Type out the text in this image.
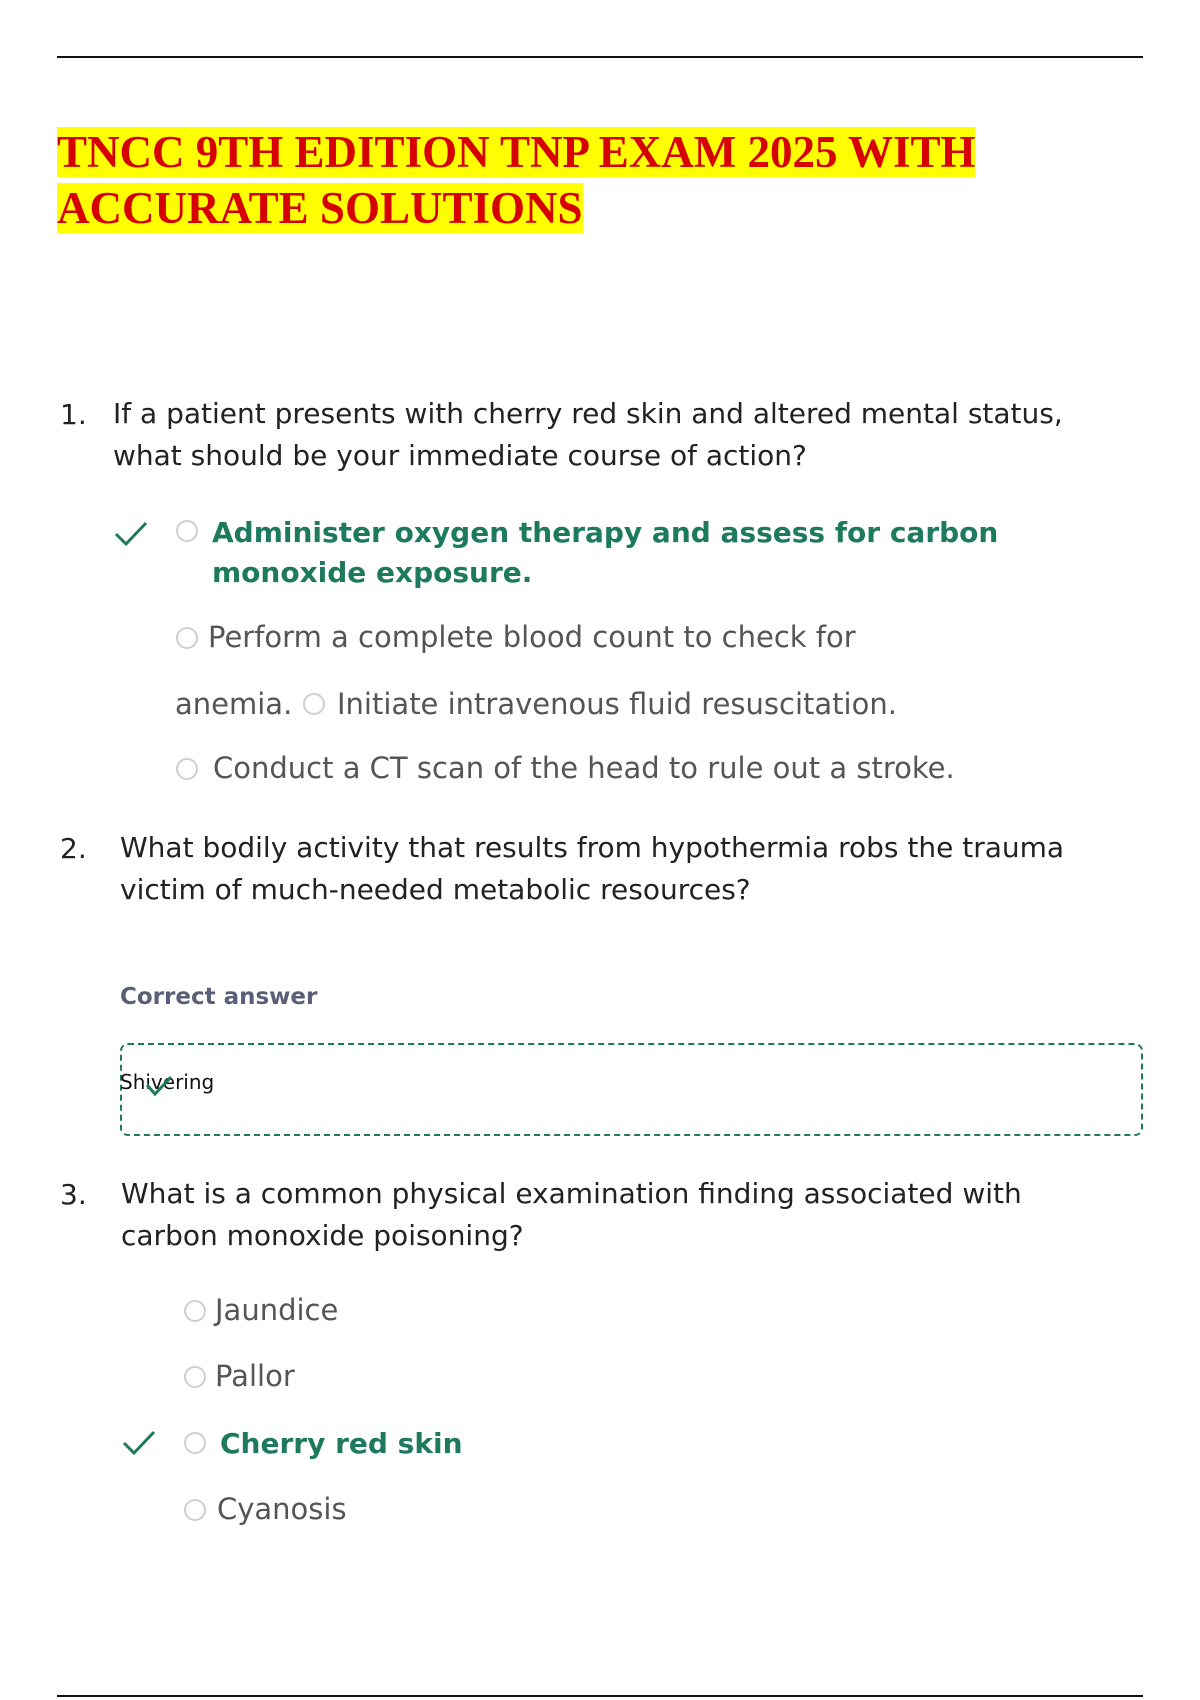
TNCC 9TH EDITION TNP EXAM 2025 WITH
ACCURATE SOLUTIONS
1. If a patient presents with cherry red skin and altered mental status, what should be your immediate course of action?

Administer oxygen therapy and assess for carbon monoxide exposure.

Perform a complete blood count to check for
anemia. Initiate intravenous fluid resuscitation.
Conduct a CT scan of the head to rule out a stroke.
2. What bodily activity that results from hypothermia robs the trauma victim of much-needed metabolic resources?

Correct answer
Shivering
3. What is a common physical examination finding associated with carbon monoxide poisoning?

Jaundice
Pallor
Cherry red skin
Cyanosis
